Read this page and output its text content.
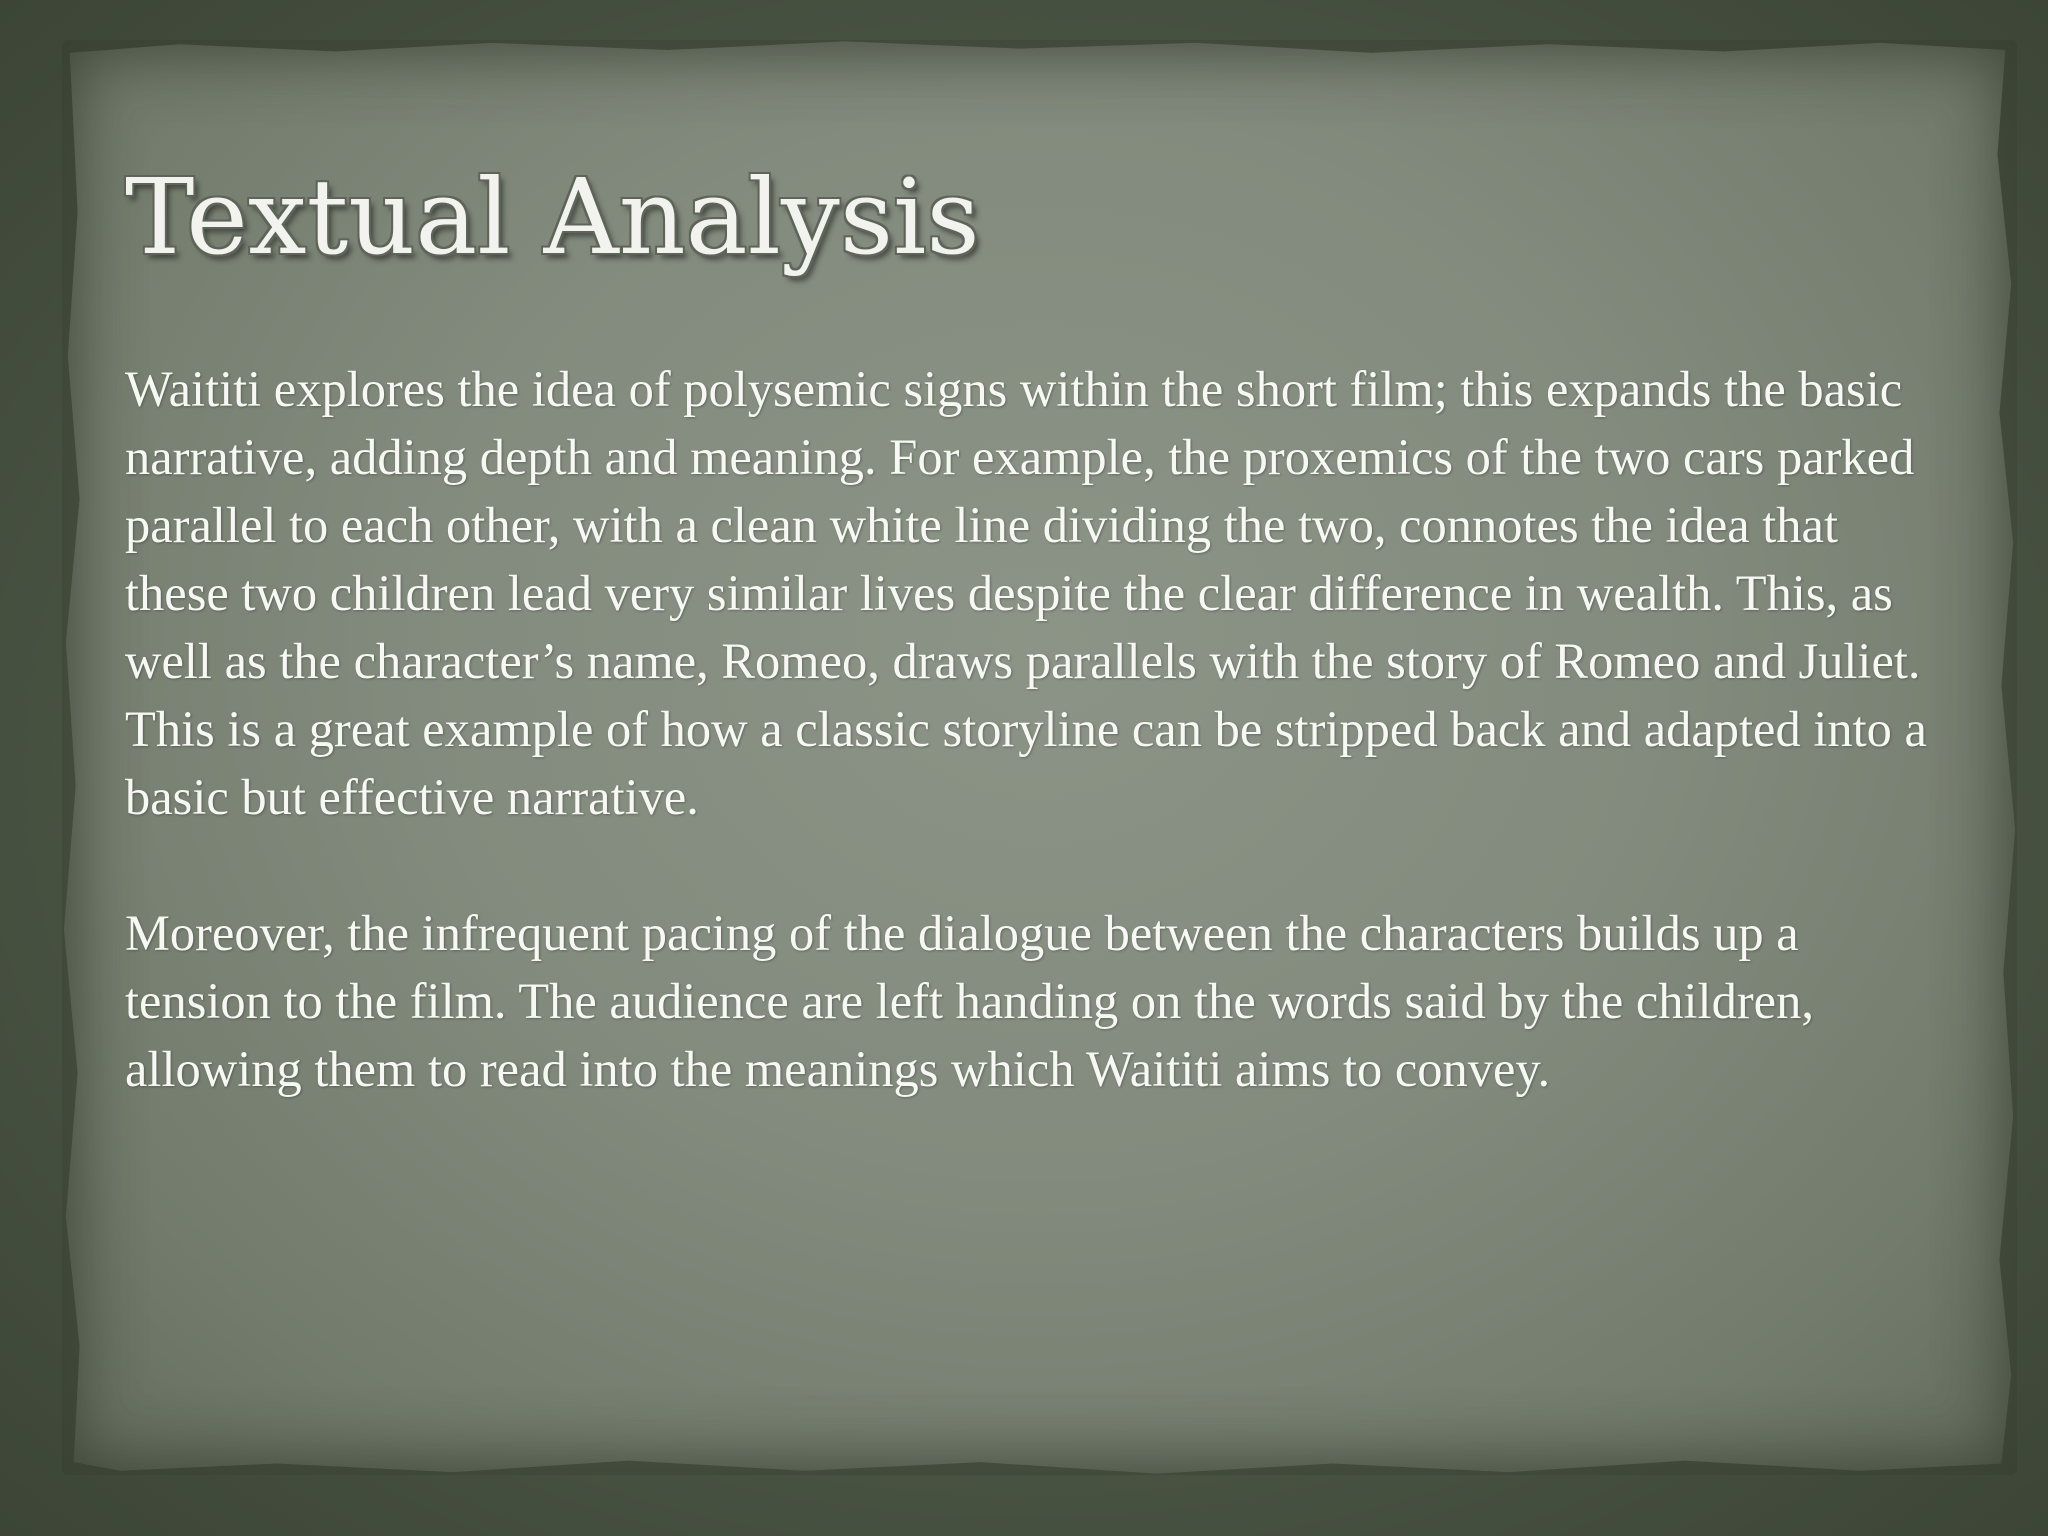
Textual Analysis

Waititi explores the idea of polysemic signs within the short film; this expands the basic narrative, adding depth and meaning. For example, the proxemics of the two cars parked parallel to each other, with a clean white line dividing the two, connotes the idea that these two children lead very similar lives despite the clear difference in wealth. This, as well as the character’s name, Romeo, draws parallels with the story of Romeo and Juliet. This is a great example of how a classic storyline can be stripped back and adapted into a basic but effective narrative.

Moreover, the infrequent pacing of the dialogue between the characters builds up a tension to the film. The audience are left handing on the words said by the children, allowing them to read into the meanings which Waititi aims to convey.
